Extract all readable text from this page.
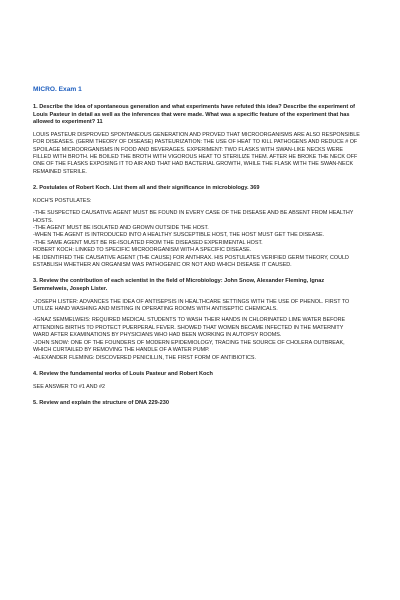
MICRO. Exam 1
1. Describe the idea of spontaneous generation and what experiments have refuted this idea? Describe the experiment of Louis Pasteur in detail as well as the inferences that were made. What was a specific feature of the experiment that has allowed to experiment? 11
LOUIS PASTEUR DISPROVED SPONTANEOUS GENERATION AND PROVED THAT MICROORGANISMS ARE ALSO RESPONSIBLE FOR DISEASES. (GERM THEORY OF DISEASE) PASTEURIZATION: THE USE OF HEAT TO KILL PATHOGENS AND REDUCE # OF SPOILAGE MICROORGANISMS IN FOOD AND BEVERAGES. EXPERIMENT: TWO FLASKS WITH SWAN-LIKE NECKS WERE FILLED WITH BROTH. HE BOILED THE BROTH WITH VIGOROUS HEAT TO STERILIZE THEM. AFTER HE BROKE THE NECK OFF ONE OF THE FLASKS EXPOSING IT TO AIR AND THAT HAD BACTERIAL GROWTH, WHILE THE FLASK WITH THE SWAN-NECK REMAINED STERILE.
2. Postulates of Robert Koch. List them all and their significance in microbiology. 369
KOCH'S POSTULATES:
-THE SUSPECTED CAUSATIVE AGENT MUST BE FOUND IN EVERY CASE OF THE DISEASE AND BE ABSENT FROM HEALTHY HOSTS.
-THE AGENT MUST BE ISOLATED AND GROWN OUTSIDE THE HOST.
-WHEN THE AGENT IS INTRODUCED INTO A HEALTHY SUSCEPTIBLE HOST, THE HOST MUST GET THE DISEASE.
-THE SAME AGENT MUST BE RE-ISOLATED FROM THE DISEASED EXPERIMENTAL HOST.
ROBERT KOCH: LINKED TO SPECIFIC MICROORGANISM WITH A SPECIFIC DISEASE.
HE IDENTIFIED THE CAUSATIVE AGENT (THE CAUSE) FOR ANTHRAX. HIS POSTULATES VERIFIED GERM THEORY, COULD ESTABLISH WHETHER AN ORGANISM WAS PATHOGENIC OR NOT AND WHICH DISEASE IT CAUSED.
3. Review the contribution of each scientist in the field of Microbiology: John Snow, Alexander Fleming, Ignaz Semmelweis, Joseph Lister.
-JOSEPH LISTER: ADVANCES THE IDEA OF ANTISEPSIS IN HEALTHCARE SETTINGS WITH THE USE OF PHENOL. FIRST TO UTILIZE HAND WASHING AND MISTING IN OPERATING ROOMS WITH ANTISEPTIC CHEMICALS.
-IGNAZ SEMMELWEIS: REQUIRED MEDICAL STUDENTS TO WASH THEIR HANDS IN CHLORINATED LIME WATER BEFORE ATTENDING BIRTHS TO PROTECT PUERPERAL FEVER. SHOWED THAT WOMEN BECAME INFECTED IN THE MATERNITY WARD AFTER EXAMINATIONS BY PHYSICIANS WHO HAD BEEN WORKING IN AUTOPSY ROOMS.
-JOHN SNOW: ONE OF THE FOUNDERS OF MODERN EPIDEMIOLOGY, TRACING THE SOURCE OF CHOLERA OUTBREAK, WHICH CURTAILED BY REMOVING THE HANDLE OF A WATER PUMP.
-ALEXANDER FLEMING: DISCOVERED PENICILLIN, THE FIRST FORM OF ANTIBIOTICS.
4. Review the fundamental works of Louis Pasteur and Robert Koch
SEE ANSWER TO #1 AND #2
5. Review and explain the structure of DNA 229-230
